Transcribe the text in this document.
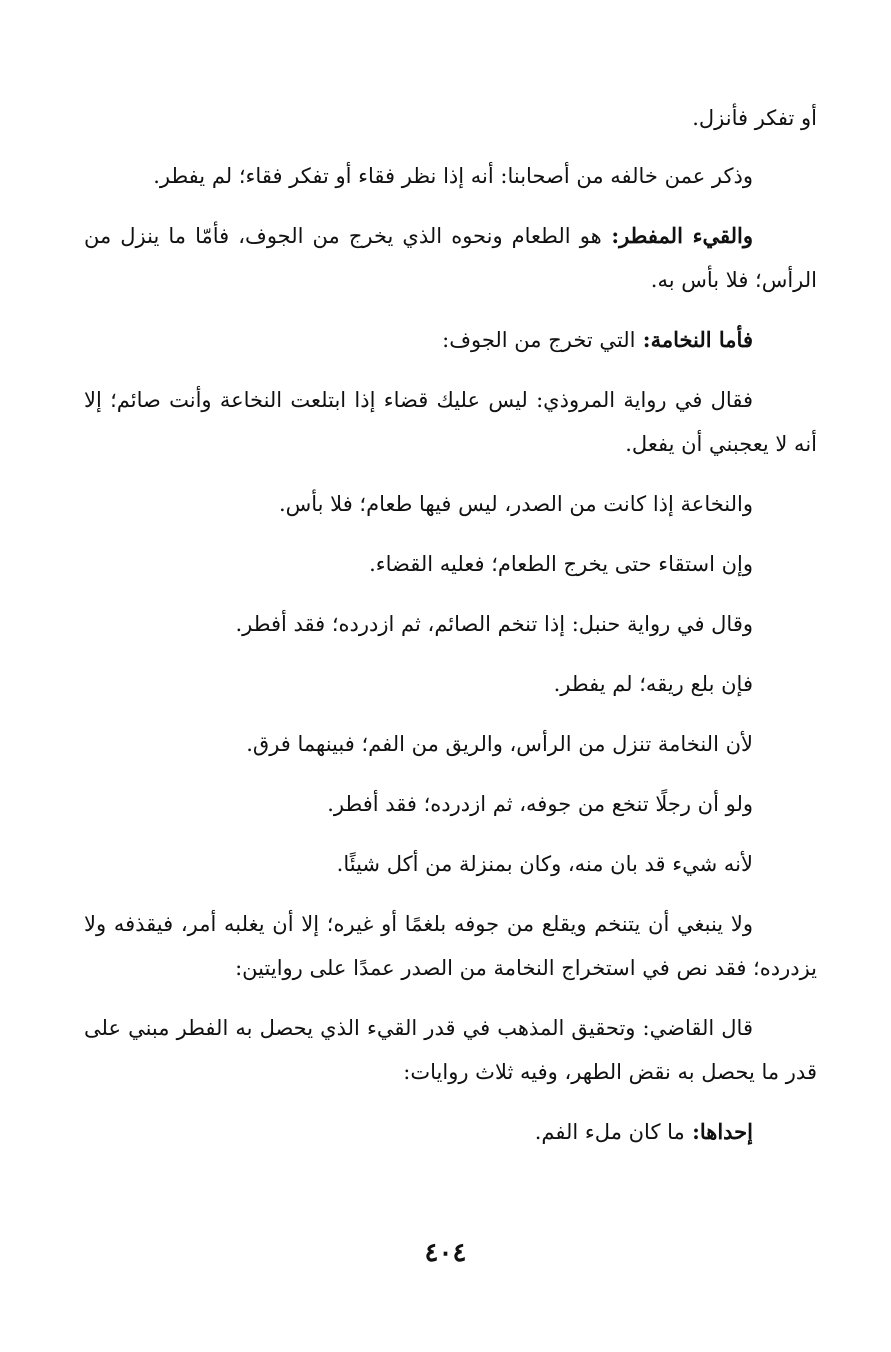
أو تفكر فأنزل.

وذكر عمن خالفه من أصحابنا: أنه إذا نظر فقاء أو تفكر فقاء؛ لم يفطر.

والقيء المفطر: هو الطعام ونحوه الذي يخرج من الجوف، فأمّا ما ينزل من الرأس؛ فلا بأس به.

فأما النخامة: التي تخرج من الجوف:

فقال في رواية المروذي: ليس عليك قضاء إذا ابتلعت النخاعة وأنت صائم؛ إلا أنه لا يعجبني أن يفعل.

والنخاعة إذا كانت من الصدر، ليس فيها طعام؛ فلا بأس.

وإن استقاء حتى يخرج الطعام؛ فعليه القضاء.

وقال في رواية حنبل: إذا تنخم الصائم، ثم ازدرده؛ فقد أفطر.

فإن بلع ريقه؛ لم يفطر.

لأن النخامة تنزل من الرأس، والريق من الفم؛ فبينهما فرق.

ولو أن رجلًا تنخع من جوفه، ثم ازدرده؛ فقد أفطر.

لأنه شيء قد بان منه، وكان بمنزلة من أكل شيئًا.

ولا ينبغي أن يتنخم ويقلع من جوفه بلغمًا أو غيره؛ إلا أن يغلبه أمر، فيقذفه ولا يزدرده؛ فقد نص في استخراج النخامة من الصدر عمدًا على روايتين:

قال القاضي: وتحقيق المذهب في قدر القيء الذي يحصل به الفطر مبني على قدر ما يحصل به نقض الطهر، وفيه ثلاث روايات:

إحداها: ما كان ملء الفم.

٤٠٤
